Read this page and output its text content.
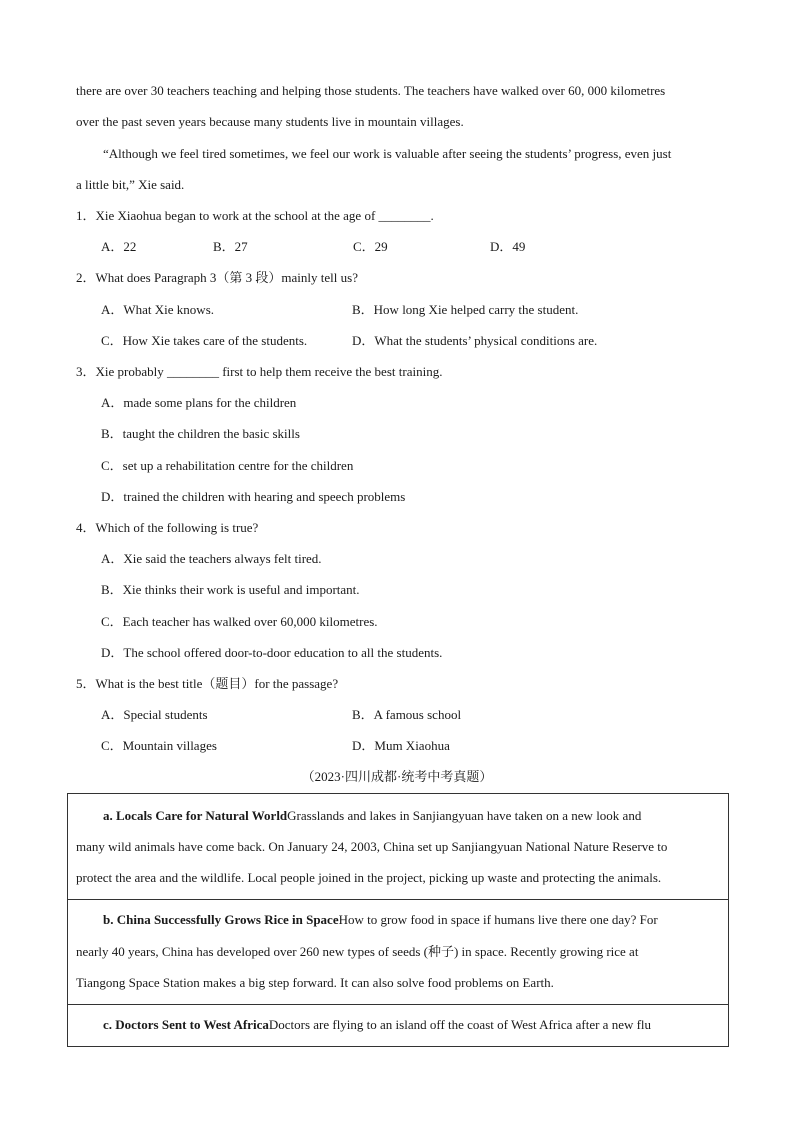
there are over 30 teachers teaching and helping those students. The teachers have walked over 60, 000 kilometres
over the past seven years because many students live in mountain villages.
“Although we feel tired sometimes, we feel our work is valuable after seeing the students’ progress, even just
a little bit,” Xie said.
1．Xie Xiaohua began to work at the school at the age of ________.
A．22	B．27	C．29	D．49
2．What does Paragraph 3（第 3 段）mainly tell us?
A．What Xie knows.	B．How long Xie helped carry the student.
C．How Xie takes care of the students.	D．What the students’ physical conditions are.
3．Xie probably ________ first to help them receive the best training.
A．made some plans for the children
B．taught the children the basic skills
C．set up a rehabilitation centre for the children
D．trained the children with hearing and speech problems
4．Which of the following is true?
A．Xie said the teachers always felt tired.
B．Xie thinks their work is useful and important.
C．Each teacher has walked over 60,000 kilometres.
D．The school offered door-to-door education to all the students.
5．What is the best title（题目）for the passage?
A．Special students	B．A famous school
C．Mountain villages	D．Mum Xiaohua
（2023·四川成都·统考中考真题）
a. Locals Care for Natural WorldGrasslands and lakes in Sanjiangyuan have taken on a new look and
many wild animals have come back. On January 24, 2003, China set up Sanjiangyuan National Nature Reserve to
protect the area and the wildlife. Local people joined in the project, picking up waste and protecting the animals.
b. China Successfully Grows Rice in SpaceHow to grow food in space if humans live there one day? For
nearly 40 years, China has developed over 260 new types of seeds (种子) in space. Recently growing rice at
Tiangong Space Station makes a big step forward. It can also solve food problems on Earth.
c. Doctors Sent to West AfricaDoctors are flying to an island off the coast of West Africa after a new flu
